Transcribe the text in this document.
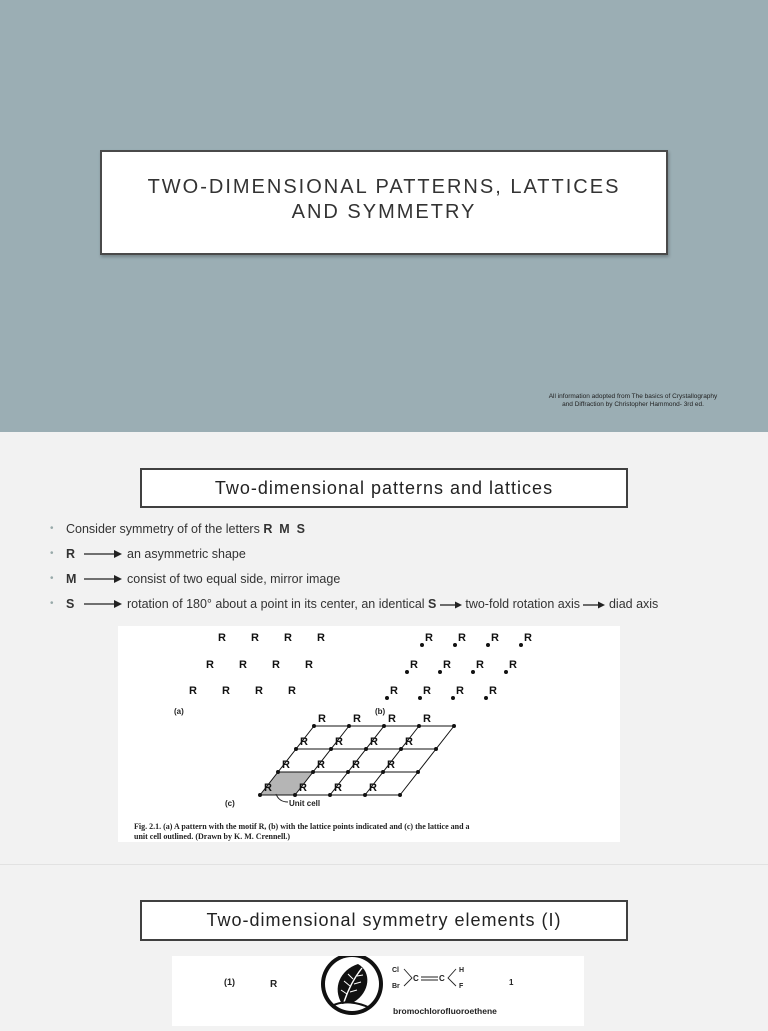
TWO-DIMENSIONAL PATTERNS, LATTICES
AND SYMMETRY
All information adopted from The basics of Crystallography
and Diffraction by Christopher Hammond- 3rd ed.
Two-dimensional patterns and lattices
• Consider symmetry of of the letters R  M  S
• R	an asymmetric shape
• M	consist of two equal side, mirror image
• S	rotation of 180° about a point in its center, an identical S two-fold rotation axis diad axis
R R R R
R R R R
R R R R
R R R R
R R R R
R R R R
R R R R
R R R R
R R R R
R R R R
(a)	(b)
(c)	Unit cell
Fig. 2.1. (a) A pattern with the motif R, (b) with the lattice points indicated and (c) the lattice and a
unit cell outlined. (Drawn by K. M. Crennell.)
Two-dimensional symmetry elements (I)
(1)	R
Cl
Br
C	C
H
F	1
bromochlorofluoroethene
